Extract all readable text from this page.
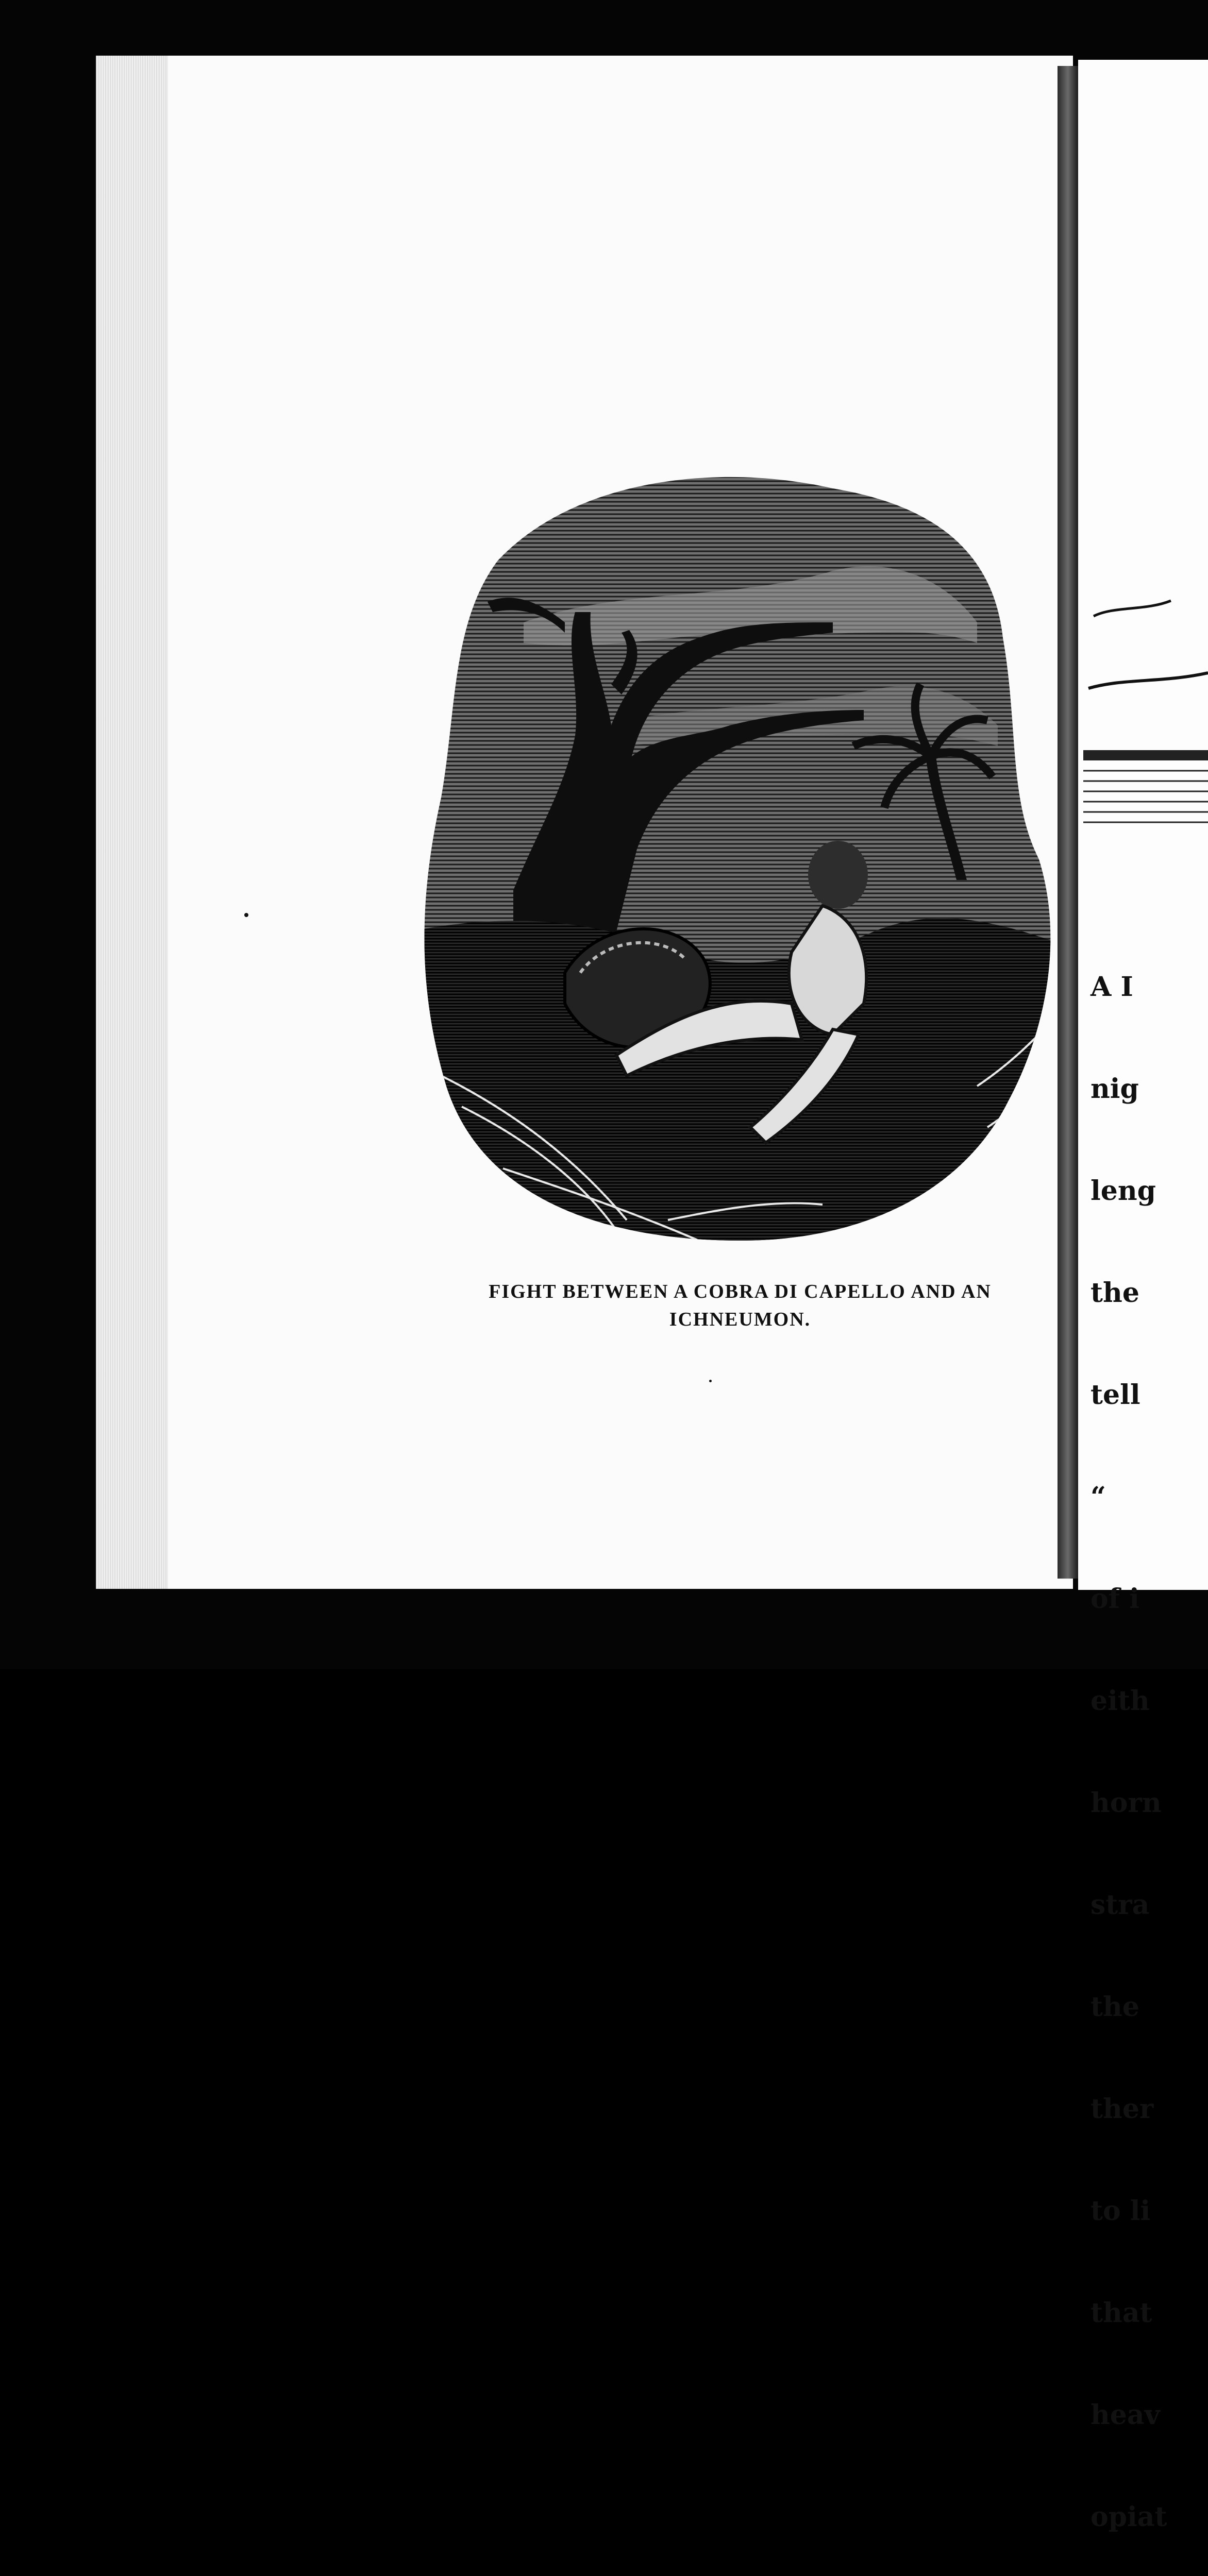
FIGHT BETWEEN A COBRA DI CAPELLO AND AN
ICHNEUMON.

A I

nig

leng

the

tell

“

of i

eith

horn

stra

the

ther

to li

that

heav

opiat
